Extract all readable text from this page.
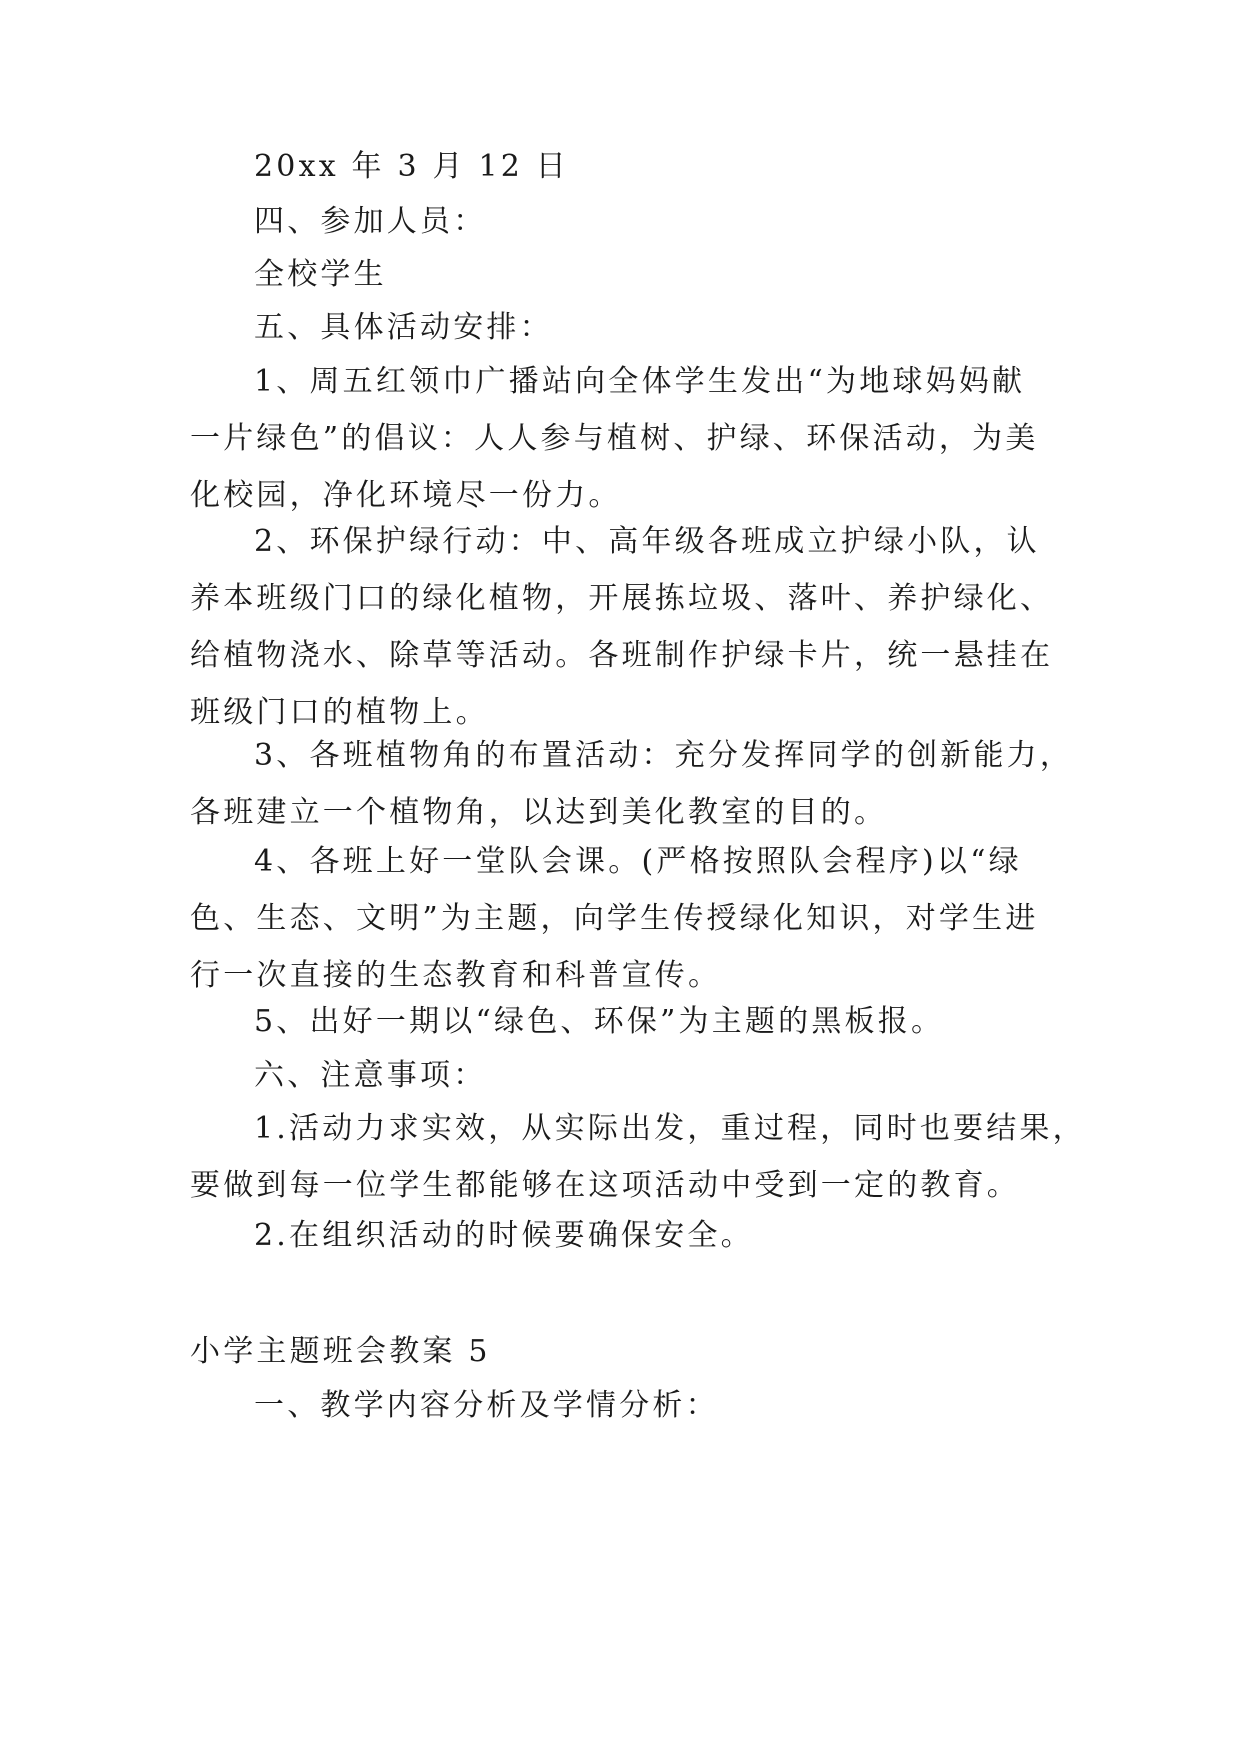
20xx 年 3 月 12 日
四、参加人员：
全校学生
五、具体活动安排：
1、周五红领巾广播站向全体学生发出“为地球妈妈献
一片绿色”的倡议：人人参与植树、护绿、环保活动，为美
化校园，净化环境尽一份力。
2、环保护绿行动：中、高年级各班成立护绿小队，认
养本班级门口的绿化植物，开展拣垃圾、落叶、养护绿化、
给植物浇水、除草等活动。各班制作护绿卡片，统一悬挂在
班级门口的植物上。
3、各班植物角的布置活动：充分发挥同学的创新能力，
各班建立一个植物角，以达到美化教室的目的。
4、各班上好一堂队会课。(严格按照队会程序)以“绿
色、生态、文明”为主题，向学生传授绿化知识，对学生进
行一次直接的生态教育和科普宣传。
5、出好一期以“绿色、环保”为主题的黑板报。
六、注意事项：
1.活动力求实效，从实际出发，重过程，同时也要结果，
要做到每一位学生都能够在这项活动中受到一定的教育。
2.在组织活动的时候要确保安全。
小学主题班会教案 5
一、教学内容分析及学情分析：
